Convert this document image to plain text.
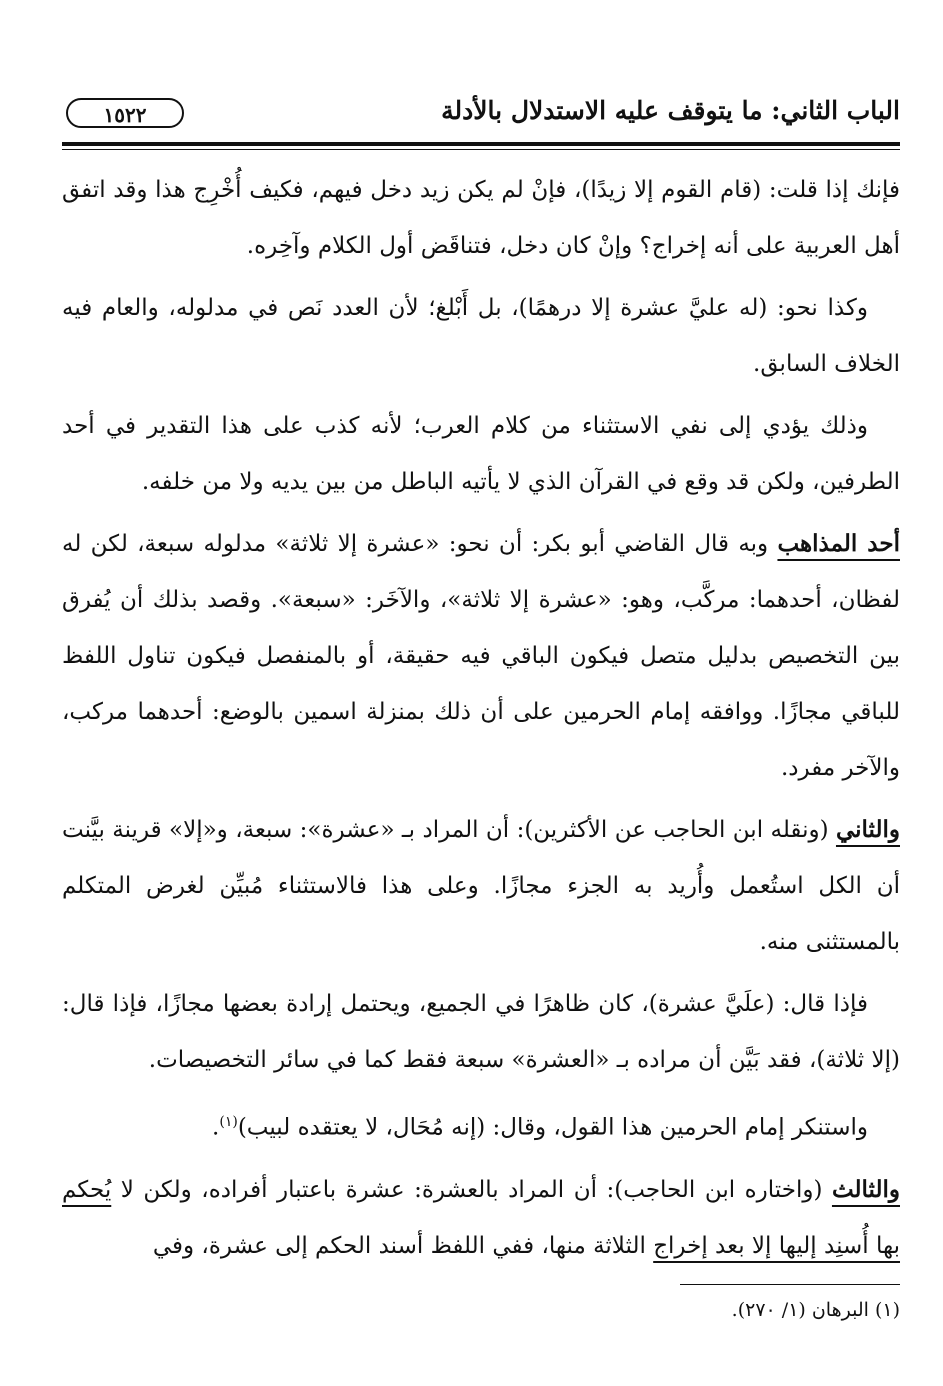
الباب الثاني: ما يتوقف عليه الاستدلال بالأدلة
١٥٢٢

فإنك إذا قلت: (قام القوم إلا زيدًا)، فإنْ لم يكن زيد دخل فيهم، فكيف أُخْرِج هذا وقد اتفق أهل العربية على أنه إخراج؟ وإنْ كان دخل، فتناقَض أول الكلام وآخِره.

وكذا نحو: (له عليَّ عشرة إلا درهمًا)، بل أَبْلغ؛ لأن العدد نَص في مدلوله، والعام فيه الخلاف السابق.

وذلك يؤدي إلى نفي الاستثناء من كلام العرب؛ لأنه كذب على هذا التقدير في أحد الطرفين، ولكن قد وقع في القرآن الذي لا يأتيه الباطل من بين يديه ولا من خلفه.

أحد المذاهب وبه قال القاضي أبو بكر: أن نحو: «عشرة إلا ثلاثة» مدلوله سبعة، لكن له لفظان، أحدهما: مركَّب، وهو: «عشرة إلا ثلاثة»، والآخَر: «سبعة». وقصد بذلك أن يُفرق بين التخصيص بدليل متصل فيكون الباقي فيه حقيقة، أو بالمنفصل فيكون تناول اللفظ للباقي مجازًا. ووافقه إمام الحرمين على أن ذلك بمنزلة اسمين بالوضع: أحدهما مركب، والآخر مفرد.

والثاني (ونقله ابن الحاجب عن الأكثرين): أن المراد بـ «عشرة»: سبعة، و«إلا» قرينة بيَّنت أن الكل استُعمل وأُريد به الجزء مجازًا. وعلى هذا فالاستثناء مُبيِّن لغرض المتكلم بالمستثنى منه.

فإذا قال: (علَيَّ عشرة)، كان ظاهرًا في الجميع، ويحتمل إرادة بعضها مجازًا، فإذا قال: (إلا ثلاثة)، فقد بَيَّن أن مراده بـ «العشرة» سبعة فقط كما في سائر التخصيصات.

واستنكر إمام الحرمين هذا القول، وقال: (إنه مُحَال، لا يعتقده لبيب)$^{(١)}$.

والثالث (واختاره ابن الحاجب): أن المراد بالعشرة: عشرة باعتبار أفراده، ولكن لا يُحكم بها أُسنِد إليها إلا بعد إخراج الثلاثة منها، ففي اللفظ أسند الحكم إلى عشرة، وفي

(١) البرهان (١/ ٢٧٠).
